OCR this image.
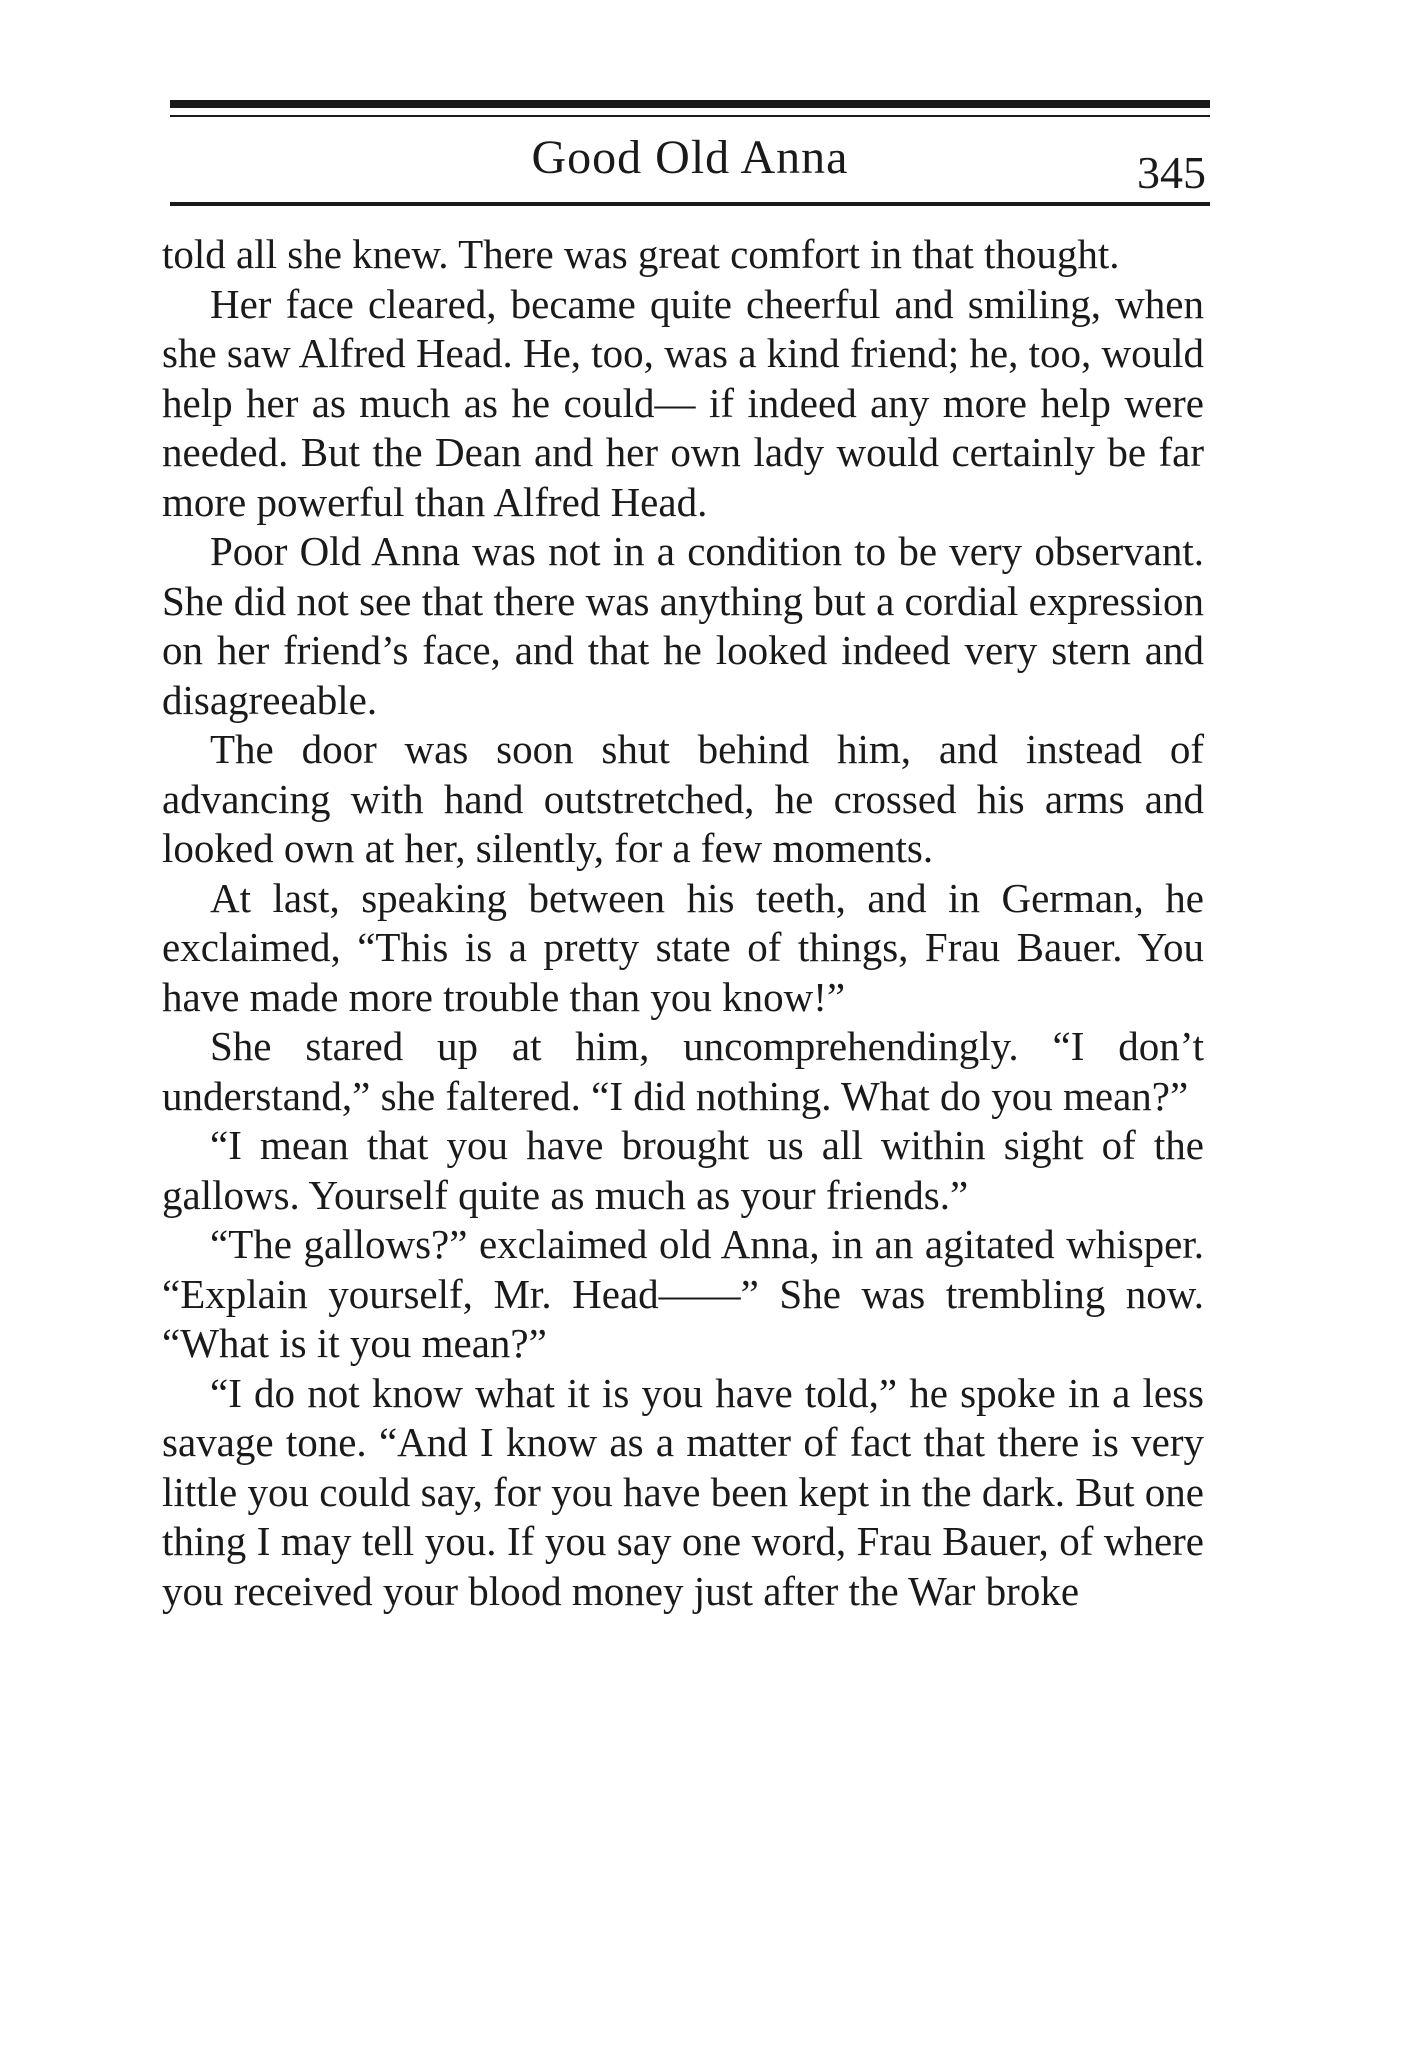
Good Old Anna	345

told all she knew. There was great comfort in that thought.

Her face cleared, became quite cheerful and smiling, when she saw Alfred Head. He, too, was a kind friend; he, too, would help her as much as he could— if indeed any more help were needed. But the Dean and her own lady would certainly be far more powerful than Alfred Head.

Poor Old Anna was not in a condition to be very observant. She did not see that there was anything but a cordial expression on her friend’s face, and that he looked indeed very stern and disagreeable.

The door was soon shut behind him, and instead of advancing with hand outstretched, he crossed his arms and looked own at her, silently, for a few moments.

At last, speaking between his teeth, and in German, he exclaimed, “This is a pretty state of things, Frau Bauer. You have made more trouble than you know!”

She stared up at him, uncomprehendingly. “I don’t understand,” she faltered. “I did nothing. What do you mean?”

“I mean that you have brought us all within sight of the gallows. Yourself quite as much as your friends.”

“The gallows?” exclaimed old Anna, in an agitated whisper. “Explain yourself, Mr. Head——” She was trembling now. “What is it you mean?”

“I do not know what it is you have told,” he spoke in a less savage tone. “And I know as a matter of fact that there is very little you could say, for you have been kept in the dark. But one thing I may tell you. If you say one word, Frau Bauer, of where you received your blood money just after the War broke
